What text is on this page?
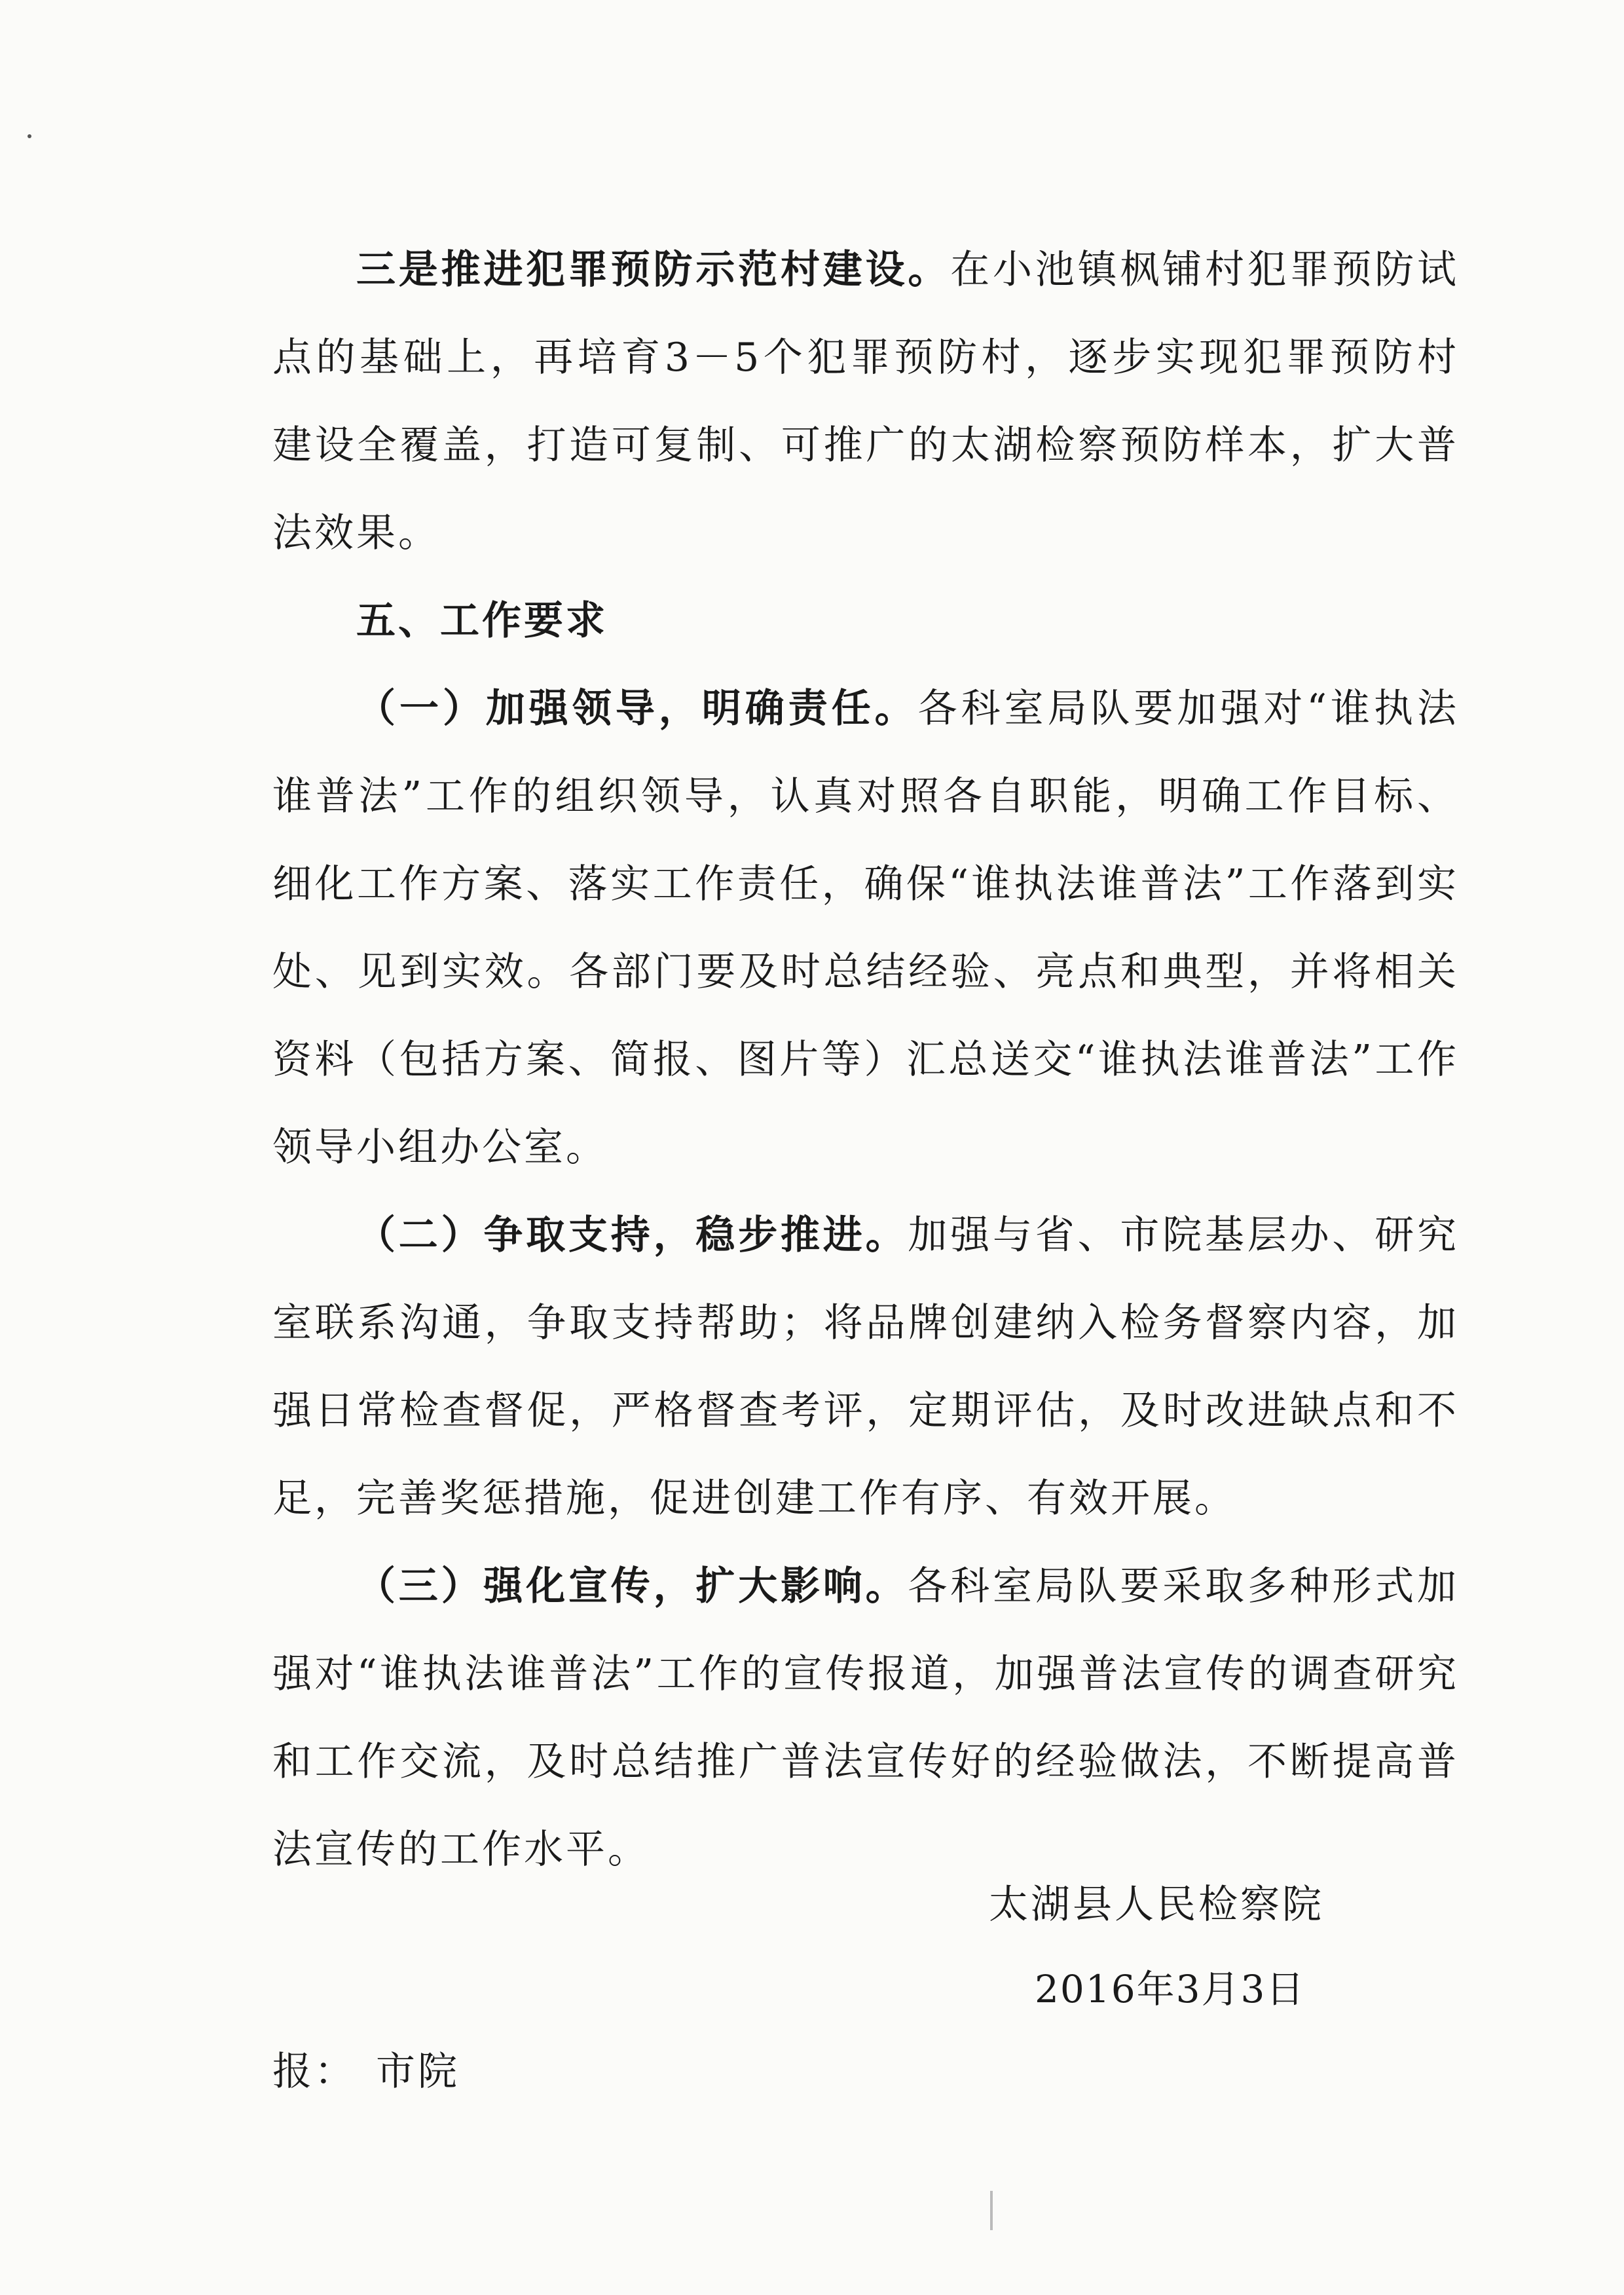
三是推进犯罪预防示范村建设。在小池镇枫铺村犯罪预防试点的基础上，再培育3－5个犯罪预防村，逐步实现犯罪预防村建设全覆盖，打造可复制、可推广的太湖检察预防样本，扩大普法效果。

五、工作要求

（一）加强领导，明确责任。各科室局队要加强对“谁执法谁普法”工作的组织领导，认真对照各自职能，明确工作目标、细化工作方案、落实工作责任，确保“谁执法谁普法”工作落到实处、见到实效。各部门要及时总结经验、亮点和典型，并将相关资料（包括方案、简报、图片等）汇总送交“谁执法谁普法”工作领导小组办公室。

（二）争取支持，稳步推进。加强与省、市院基层办、研究室联系沟通，争取支持帮助；将品牌创建纳入检务督察内容，加强日常检查督促，严格督查考评，定期评估，及时改进缺点和不足，完善奖惩措施，促进创建工作有序、有效开展。

（三）强化宣传，扩大影响。各科室局队要采取多种形式加强对“谁执法谁普法”工作的宣传报道，加强普法宣传的调查研究和工作交流，及时总结推广普法宣传好的经验做法，不断提高普法宣传的工作水平。

太湖县人民检察院
2016年3月3日
报： 市院
